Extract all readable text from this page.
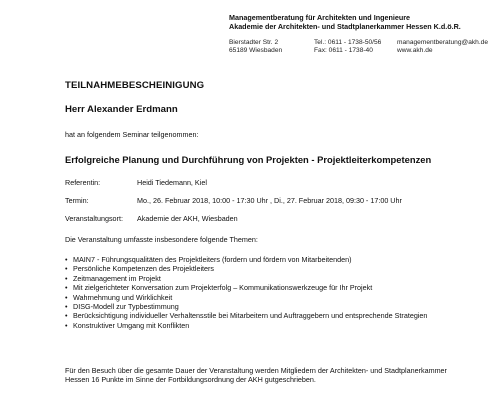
Managementberatung für Architekten und Ingenieure
Akademie der Architekten- und Stadtplanerkammer Hessen K.d.ö.R.
Bierstadter Str. 2
65189 Wiesbaden
Tel.: 0611 - 1738-50/56
Fax: 0611 - 1738-40
managementberatung@akh.de
www.akh.de
TEILNAHMEBESCHEINIGUNG
Herr Alexander Erdmann
hat an folgendem Seminar teilgenommen:
Erfolgreiche Planung und Durchführung von Projekten - Projektleiterkompetenzen
Referentin:	Heidi Tiedemann, Kiel
Termin:	Mo., 26. Februar 2018, 10:00 - 17:30 Uhr , Di., 27. Februar 2018, 09:30 - 17:00 Uhr
Veranstaltungsort: Akademie der AKH, Wiesbaden
Die Veranstaltung umfasste insbesondere folgende Themen:
• MAIN7 - Führungsqualitäten des Projektleiters (fordern und fördern von Mitarbeitenden)
• Persönliche Kompetenzen des Projektleiters
• Zeitmanagement im Projekt
• Mit zielgerichteter Konversation zum Projekterfolg – Kommunikationswerkzeuge für Ihr Projekt
• Wahrnehmung und Wirklichkeit
• DISG-Modell zur Typbestimmung
• Berücksichtigung individueller Verhaltensstile bei Mitarbeitern und Auftraggebern und entsprechende Strategien
• Konstruktiver Umgang mit Konflikten
Für den Besuch über die gesamte Dauer der Veranstaltung werden Mitgliedern der Architekten- und Stadtplanerkammer Hessen 16 Punkte im Sinne der Fortbildungsordnung der AKH gutgeschrieben.
